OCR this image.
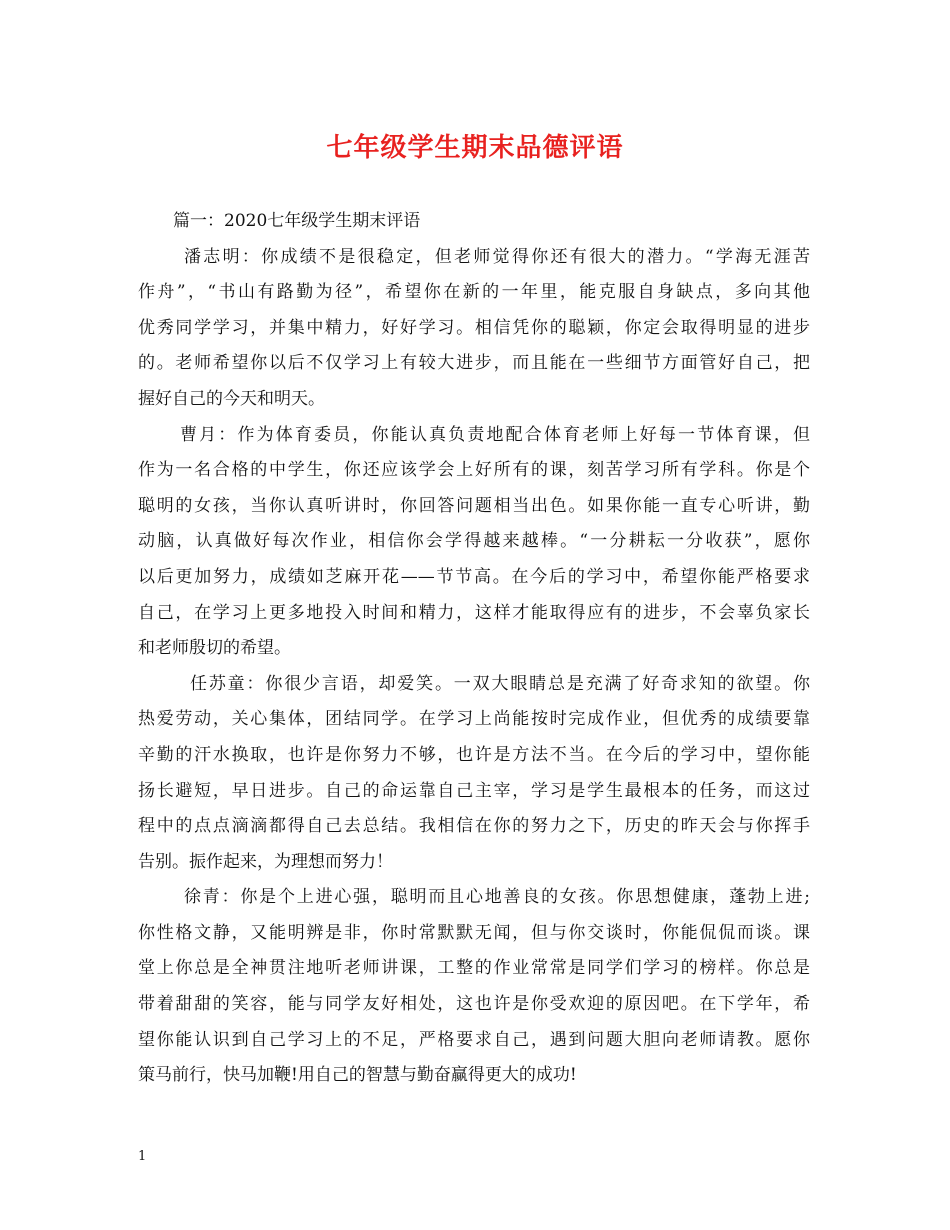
七年级学生期末品德评语

篇一：2020七年级学生期末评语

潘志明：你成绩不是很稳定，但老师觉得你还有很大的潜力。“学海无涯苦

作舟”，“书山有路勤为径”，希望你在新的一年里，能克服自身缺点，多向其他

优秀同学学习，并集中精力，好好学习。相信凭你的聪颖，你定会取得明显的进步

的。老师希望你以后不仅学习上有较大进步，而且能在一些细节方面管好自己，把

握好自己的今天和明天。

曹月：作为体育委员，你能认真负责地配合体育老师上好每一节体育课，但

作为一名合格的中学生，你还应该学会上好所有的课，刻苦学习所有学科。你是个

聪明的女孩，当你认真听讲时，你回答问题相当出色。如果你能一直专心听讲，勤

动脑，认真做好每次作业，相信你会学得越来越棒。“一分耕耘一分收获”，愿你

以后更加努力，成绩如芝麻开花——节节高。在今后的学习中，希望你能严格要求

自己，在学习上更多地投入时间和精力，这样才能取得应有的进步，不会辜负家长

和老师殷切的希望。

任苏童：你很少言语，却爱笑。一双大眼睛总是充满了好奇求知的欲望。你

热爱劳动，关心集体，团结同学。在学习上尚能按时完成作业，但优秀的成绩要靠

辛勤的汗水换取，也许是你努力不够，也许是方法不当。在今后的学习中，望你能

扬长避短，早日进步。自己的命运靠自己主宰，学习是学生最根本的任务，而这过

程中的点点滴滴都得自己去总结。我相信在你的努力之下，历史的昨天会与你挥手

告别。振作起来，为理想而努力！

徐青：你是个上进心强，聪明而且心地善良的女孩。你思想健康，蓬勃上进;

你性格文静，又能明辨是非，你时常默默无闻，但与你交谈时，你能侃侃而谈。课

堂上你总是全神贯注地听老师讲课，工整的作业常常是同学们学习的榜样。你总是

带着甜甜的笑容，能与同学友好相处，这也许是你受欢迎的原因吧。在下学年，希

望你能认识到自己学习上的不足，严格要求自己，遇到问题大胆向老师请教。愿你

策马前行，快马加鞭!用自己的智慧与勤奋赢得更大的成功!

1
